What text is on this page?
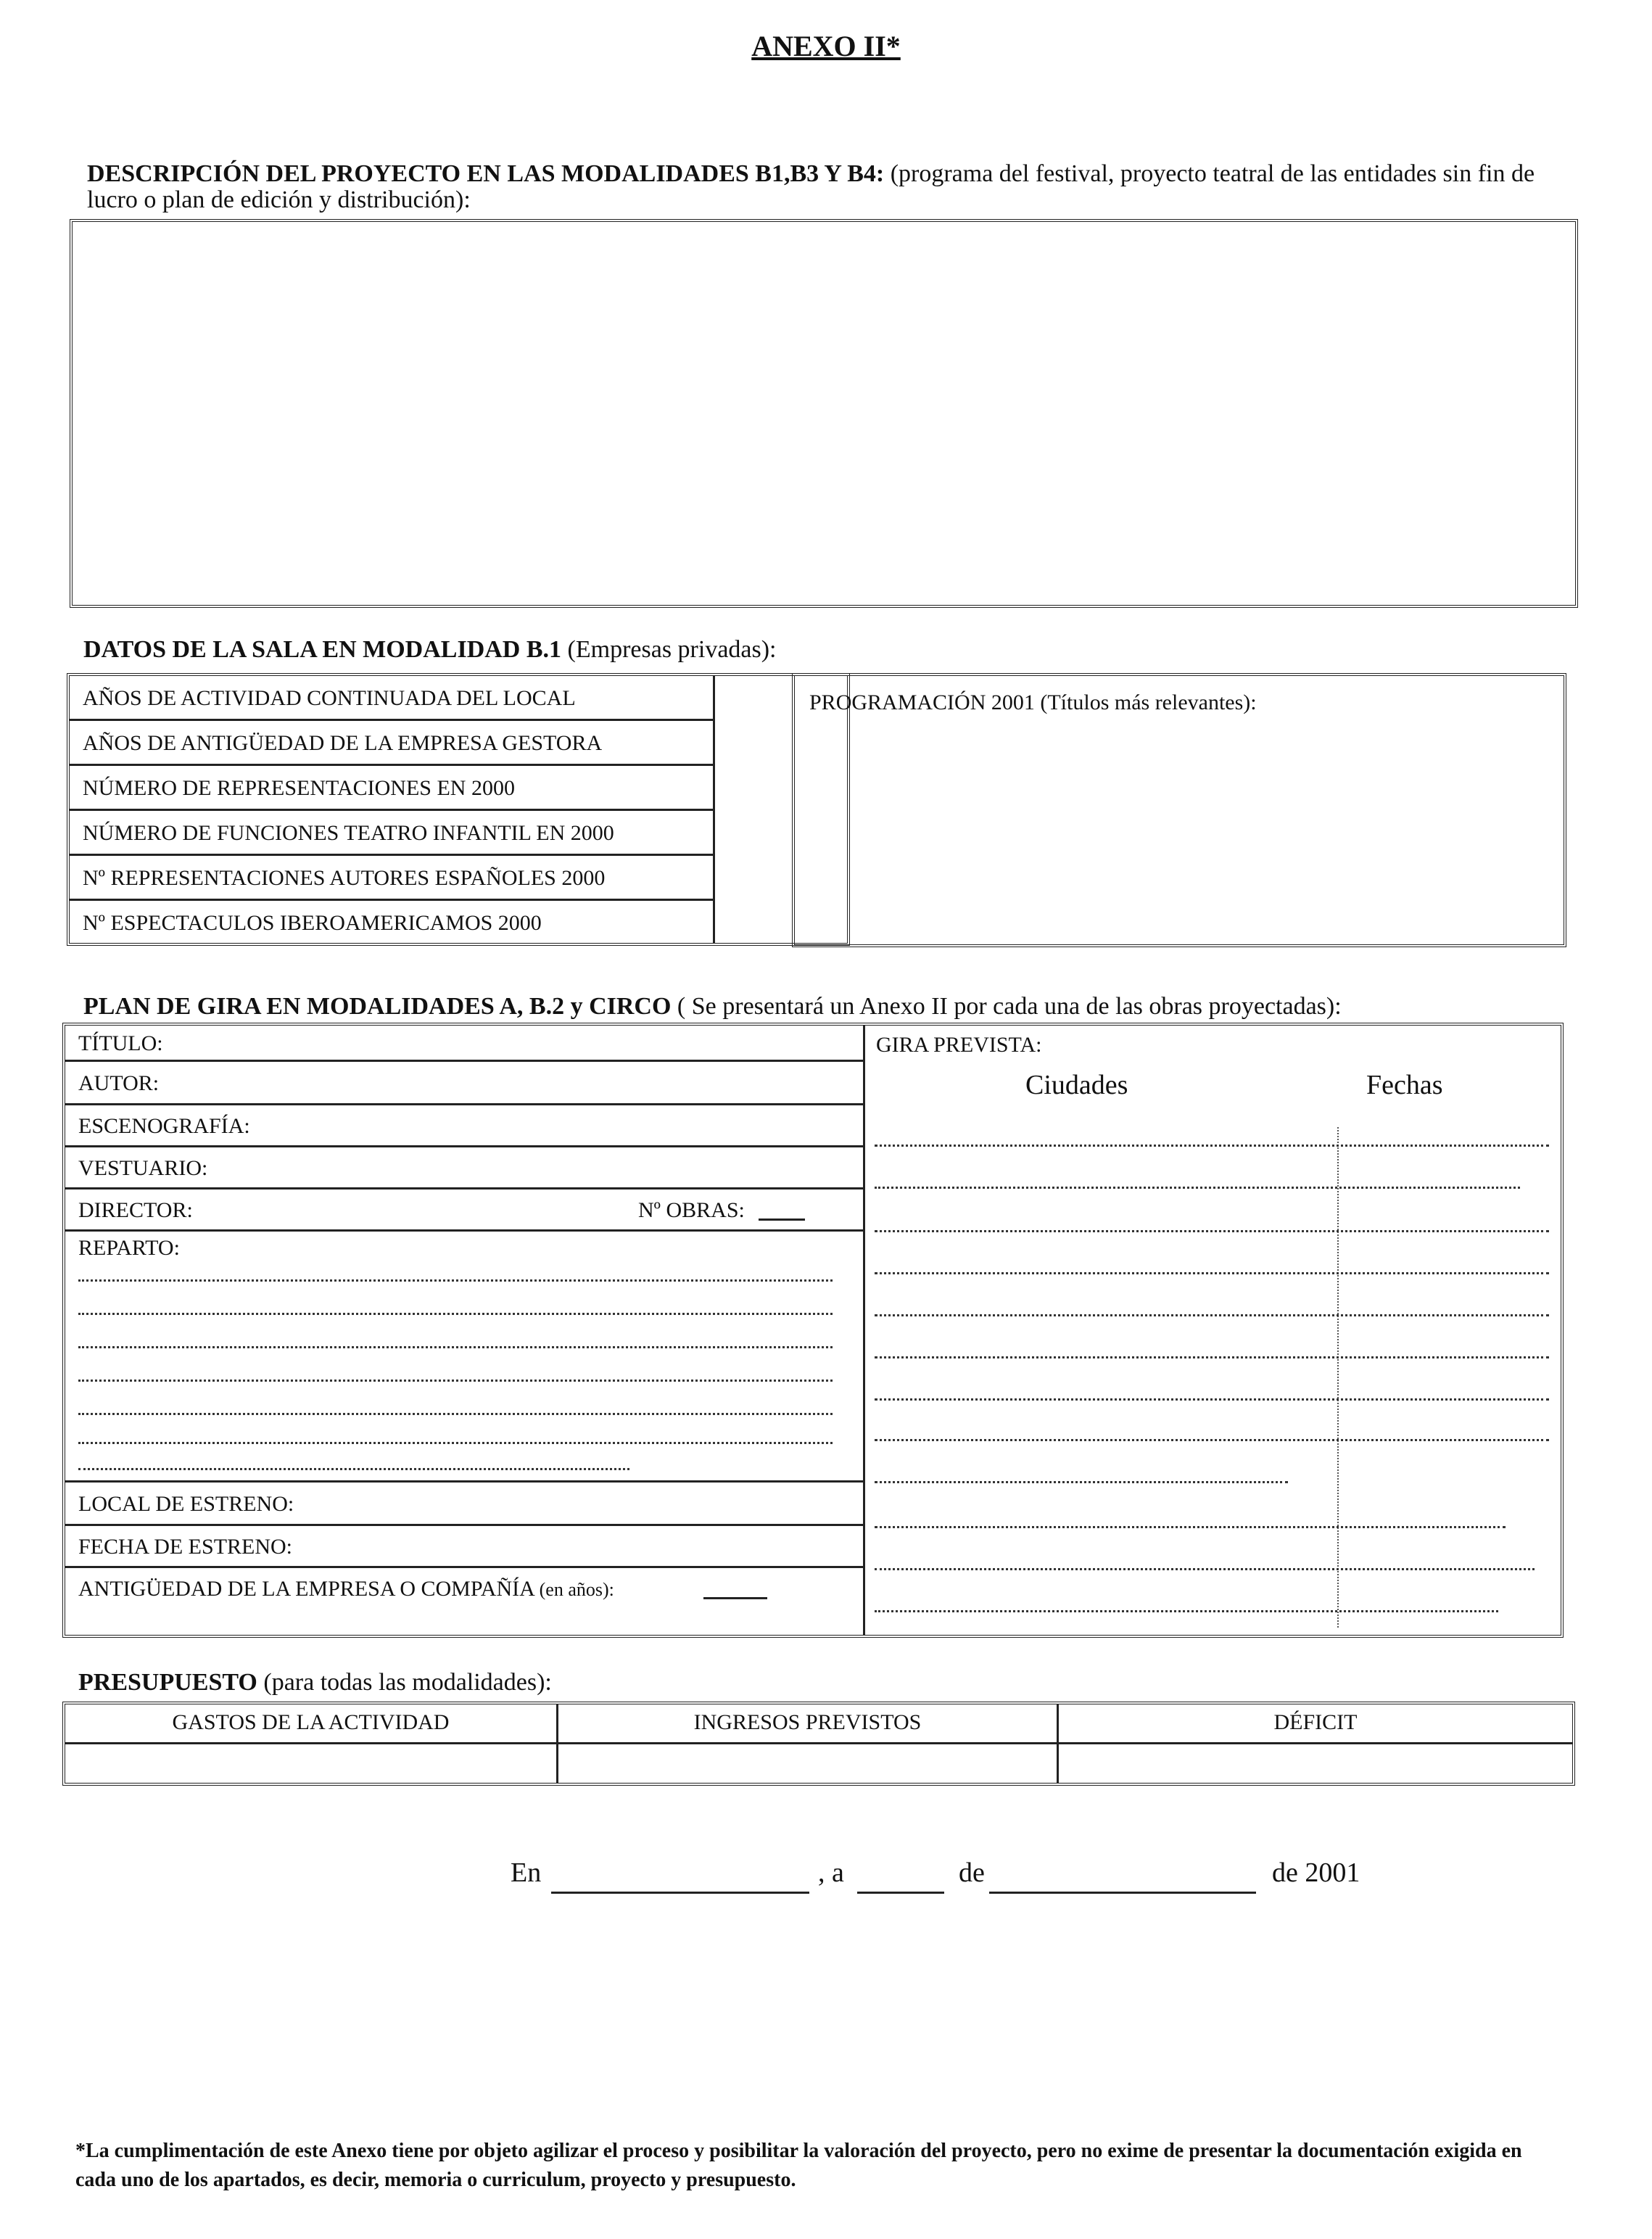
ANEXO II*
DESCRIPCIÓN DEL PROYECTO EN LAS MODALIDADES B1,B3 Y B4: (programa del festival, proyecto teatral de las entidades sin fin de lucro o plan de edición y distribución):
DATOS DE LA SALA EN MODALIDAD B.1 (Empresas privadas):
AÑOS DE ACTIVIDAD CONTINUADA DEL LOCAL
AÑOS DE ANTIGÜEDAD DE LA EMPRESA GESTORA
NÚMERO DE REPRESENTACIONES EN 2000
NÚMERO DE FUNCIONES TEATRO INFANTIL EN 2000
Nº REPRESENTACIONES AUTORES ESPAÑOLES 2000
Nº ESPECTACULOS IBEROAMERICAMOS 2000
PROGRAMACIÓN 2001 (Títulos más relevantes):
PLAN DE GIRA EN MODALIDADES A, B.2 y CIRCO ( Se presentará un Anexo II por cada una de las obras proyectadas):
TÍTULO:
AUTOR:
ESCENOGRAFÍA:
VESTUARIO:
DIRECTOR:	Nº OBRAS:
REPARTO:
LOCAL DE ESTRENO:
FECHA DE ESTRENO:
ANTIGÜEDAD DE LA EMPRESA O COMPAÑÍA (en años):
GIRA PREVISTA:
Ciudades	Fechas
PRESUPUESTO (para todas las modalidades):
GASTOS DE LA ACTIVIDAD	INGRESOS PREVISTOS	DÉFICIT
En	, a	de	de 2001
*La cumplimentación de este Anexo tiene por objeto agilizar el proceso y posibilitar la valoración del proyecto, pero no exime de presentar la documentación exigida en cada uno de los apartados, es decir, memoria o curriculum, proyecto y presupuesto.
